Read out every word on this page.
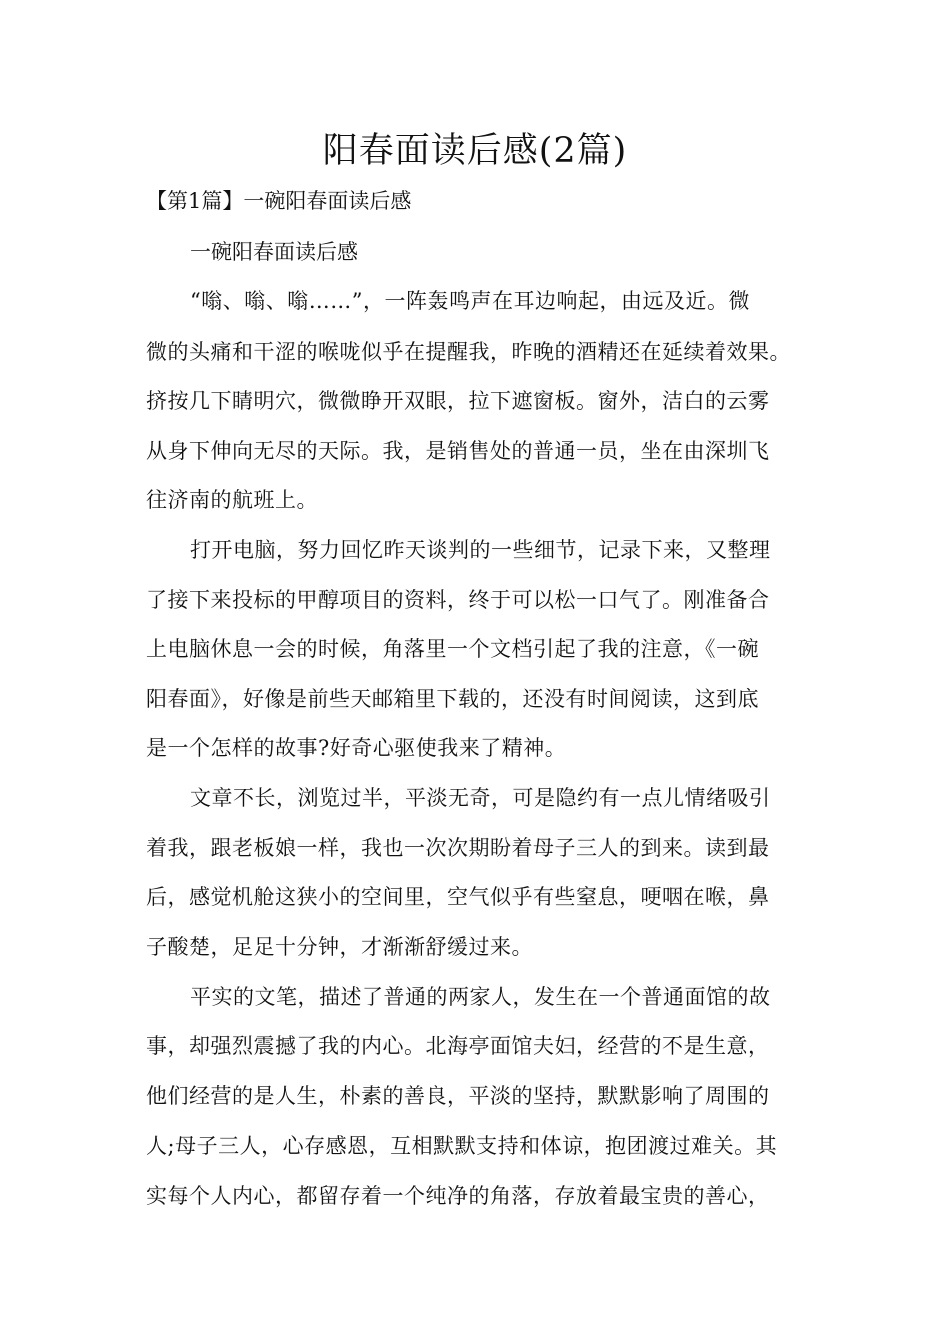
阳春面读后感(2篇)
【第1篇】一碗阳春面读后感
一碗阳春面读后感
“嗡、嗡、嗡……”，一阵轰鸣声在耳边响起，由远及近。微
微的头痛和干涩的喉咙似乎在提醒我，昨晚的酒精还在延续着效果。
挤按几下睛明穴，微微睁开双眼，拉下遮窗板。窗外，洁白的云雾
从身下伸向无尽的天际。我，是销售处的普通一员，坐在由深圳飞
往济南的航班上。
打开电脑，努力回忆昨天谈判的一些细节，记录下来，又整理
了接下来投标的甲醇项目的资料，终于可以松一口气了。刚准备合
上电脑休息一会的时候，角落里一个文档引起了我的注意，《一碗
阳春面》，好像是前些天邮箱里下载的，还没有时间阅读，这到底
是一个怎样的故事?好奇心驱使我来了精神。
文章不长，浏览过半，平淡无奇，可是隐约有一点儿情绪吸引
着我，跟老板娘一样，我也一次次期盼着母子三人的到来。读到最
后，感觉机舱这狭小的空间里，空气似乎有些窒息，哽咽在喉，鼻
子酸楚，足足十分钟，才渐渐舒缓过来。
平实的文笔，描述了普通的两家人，发生在一个普通面馆的故
事，却强烈震撼了我的内心。北海亭面馆夫妇，经营的不是生意，
他们经营的是人生，朴素的善良，平淡的坚持，默默影响了周围的
人;母子三人，心存感恩，互相默默支持和体谅，抱团渡过难关。其
实每个人内心，都留存着一个纯净的角落，存放着最宝贵的善心，
